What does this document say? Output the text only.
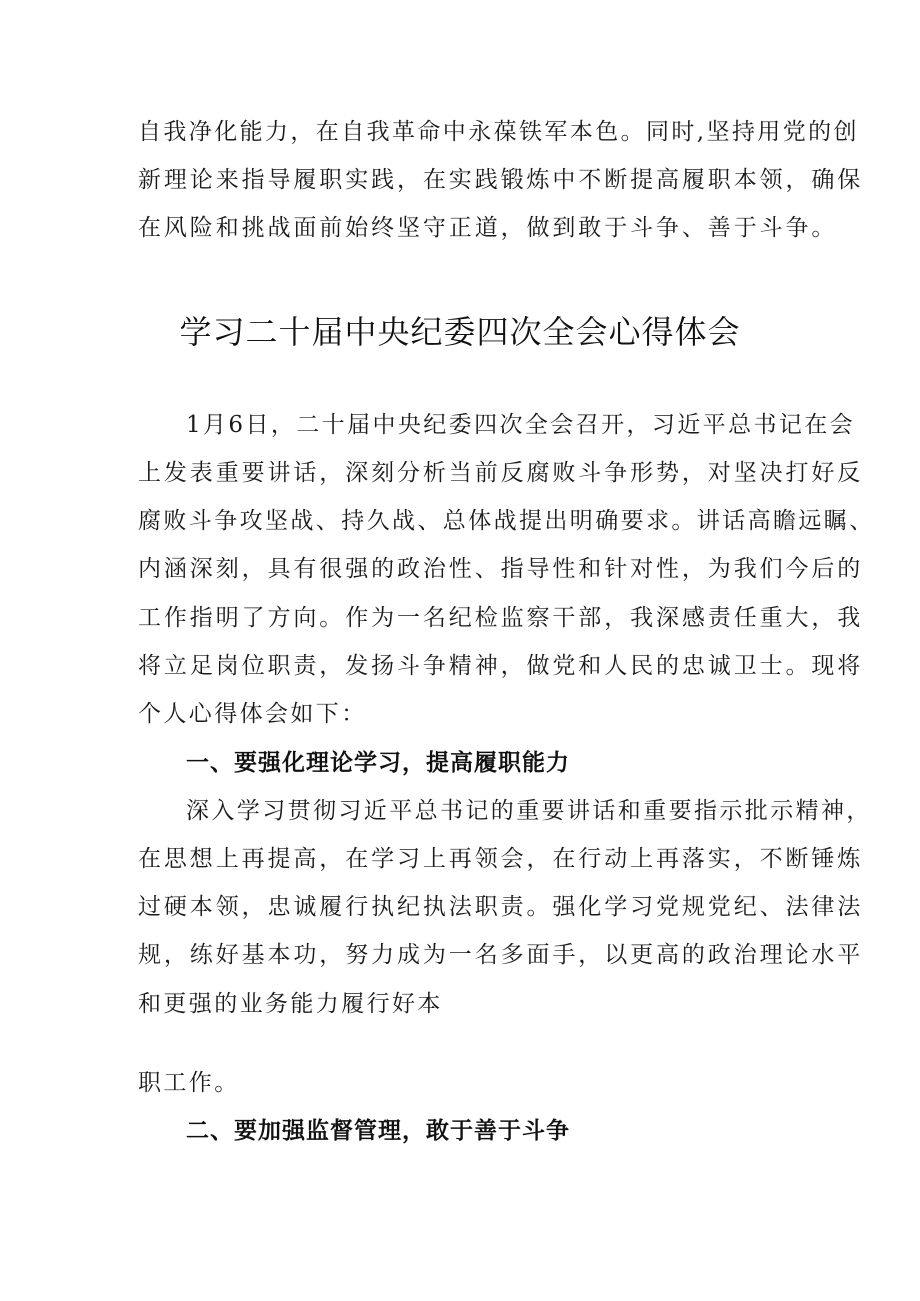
自我净化能力，在自我革命中永葆铁军本色。同时,坚持用党的创
新理论来指导履职实践，在实践锻炼中不断提高履职本领，确保
在风险和挑战面前始终坚守正道，做到敢于斗争、善于斗争。
学习二十届中央纪委四次全会心得体会
1月6日，二十届中央纪委四次全会召开，习近平总书记在会
上发表重要讲话，深刻分析当前反腐败斗争形势，对坚决打好反
腐败斗争攻坚战、持久战、总体战提出明确要求。讲话高瞻远瞩、
内涵深刻，具有很强的政治性、指导性和针对性，为我们今后的
工作指明了方向。作为一名纪检监察干部，我深感责任重大，我
将立足岗位职责，发扬斗争精神，做党和人民的忠诚卫士。现将
个人心得体会如下：
一、要强化理论学习，提高履职能力
深入学习贯彻习近平总书记的重要讲话和重要指示批示精神，
在思想上再提高，在学习上再领会，在行动上再落实，不断锤炼
过硬本领，忠诚履行执纪执法职责。强化学习党规党纪、法律法
规，练好基本功，努力成为一名多面手，以更高的政治理论水平
和更强的业务能力履行好本
职工作。
二、要加强监督管理，敢于善于斗争
